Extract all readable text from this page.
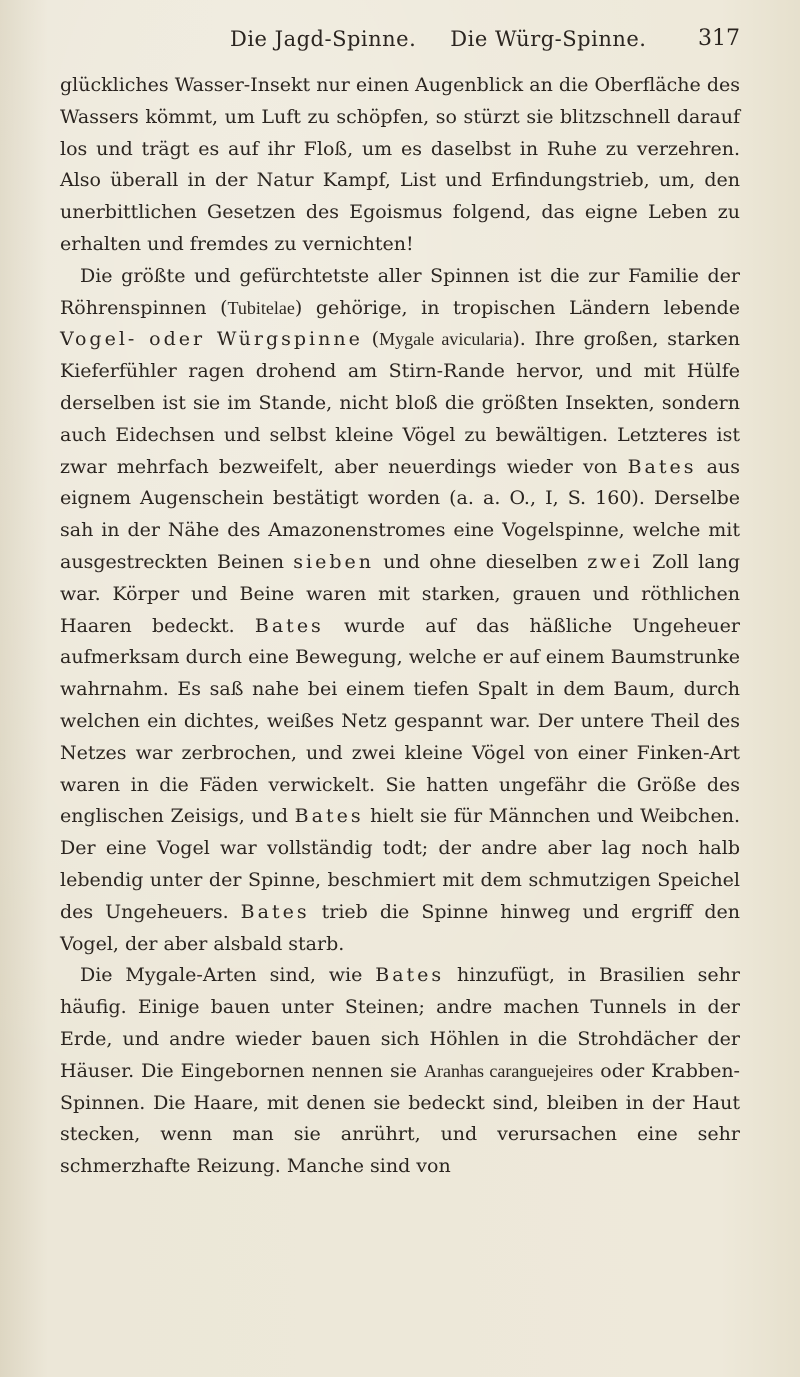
Die Jagd-Spinne. Die Würg-Spinne. 317

glückliches Wasser-Insekt nur einen Augenblick an die Oberfläche des Wassers kömmt, um Luft zu schöpfen, so stürzt sie blitzschnell darauf los und trägt es auf ihr Floß, um es daselbst in Ruhe zu verzehren. Also überall in der Natur Kampf, List und Erfindungstrieb, um, den unerbittlichen Gesetzen des Egoismus folgend, das eigne Leben zu erhalten und fremdes zu vernichten!

Die größte und gefürchtetste aller Spinnen ist die zur Familie der Röhrenspinnen (Tubitelae) gehörige, in tropischen Ländern lebende Vogel- oder Würgspinne (Mygale avicularia). Ihre großen, starken Kieferfühler ragen drohend am Stirn-Rande hervor, und mit Hülfe derselben ist sie im Stande, nicht bloß die größten Insekten, sondern auch Eidechsen und selbst kleine Vögel zu bewältigen. Letzteres ist zwar mehrfach bezweifelt, aber neuerdings wieder von Bates aus eignem Augenschein bestätigt worden (a. a. O., I, S. 160). Derselbe sah in der Nähe des Amazonenstromes eine Vogelspinne, welche mit ausgestreckten Beinen sieben und ohne dieselben zwei Zoll lang war. Körper und Beine waren mit starken, grauen und röthlichen Haaren bedeckt. Bates wurde auf das häßliche Ungeheuer aufmerksam durch eine Bewegung, welche er auf einem Baumstrunke wahrnahm. Es saß nahe bei einem tiefen Spalt in dem Baum, durch welchen ein dichtes, weißes Netz gespannt war. Der untere Theil des Netzes war zerbrochen, und zwei kleine Vögel von einer Finken-Art waren in die Fäden verwickelt. Sie hatten ungefähr die Größe des englischen Zeisigs, und Bates hielt sie für Männchen und Weibchen. Der eine Vogel war vollständig todt; der andre aber lag noch halb lebendig unter der Spinne, beschmiert mit dem schmutzigen Speichel des Ungeheuers. Bates trieb die Spinne hinweg und ergriff den Vogel, der aber alsbald starb.

Die Mygale-Arten sind, wie Bates hinzufügt, in Brasilien sehr häufig. Einige bauen unter Steinen; andre machen Tunnels in der Erde, und andre wieder bauen sich Höhlen in die Strohdächer der Häuser. Die Eingebornen nennen sie Aranhas caranguejeires oder Krabben-Spinnen. Die Haare, mit denen sie bedeckt sind, bleiben in der Haut stecken, wenn man sie anrührt, und verursachen eine sehr schmerzhafte Reizung. Manche sind von
